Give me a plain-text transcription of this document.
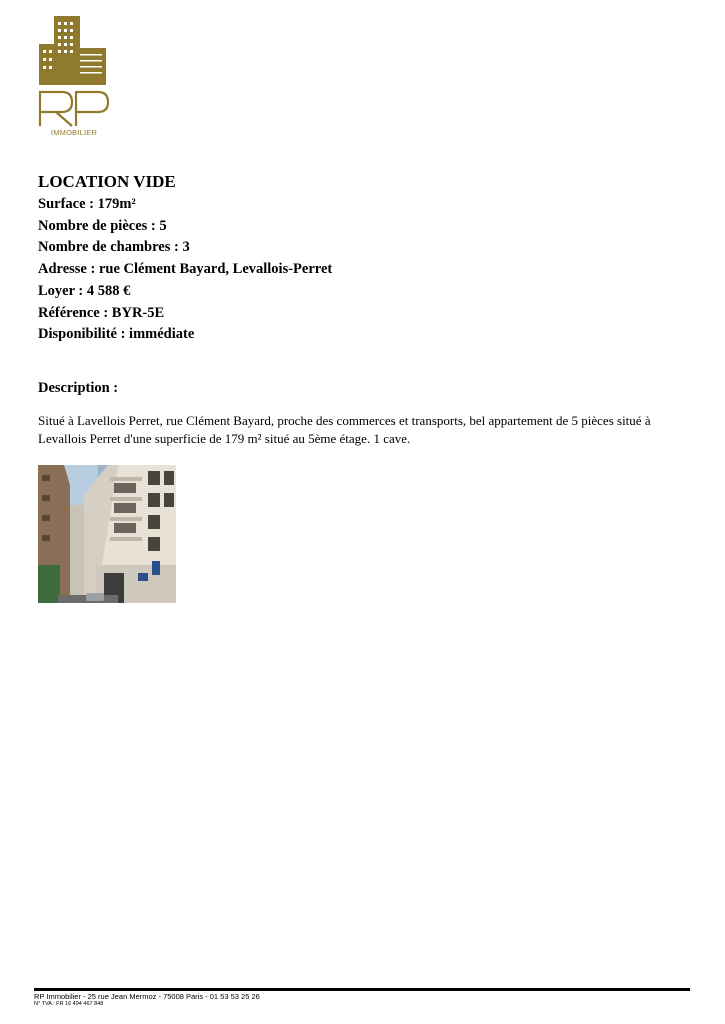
IMMOBILIER
LOCATION VIDE
Surface : 179m²
Nombre de pièces : 5
Nombre de chambres : 3
Adresse : rue Clément Bayard, Levallois-Perret
Loyer : 4 588 €
Référence : BYR-5E
Disponibilité : immédiate
Description :

Situé à Lavellois Perret, rue Clément Bayard, proche des commerces et transports, bel appartement de 5 pièces situé à Levallois Perret d'une superficie de 179 m² situé au 5ème étage. 1 cave.

RP Immobilier - 25 rue Jean Mermoz - 75008 Paris - 01 53 53 25 26
N° TVA : FR 16 494 467 848
